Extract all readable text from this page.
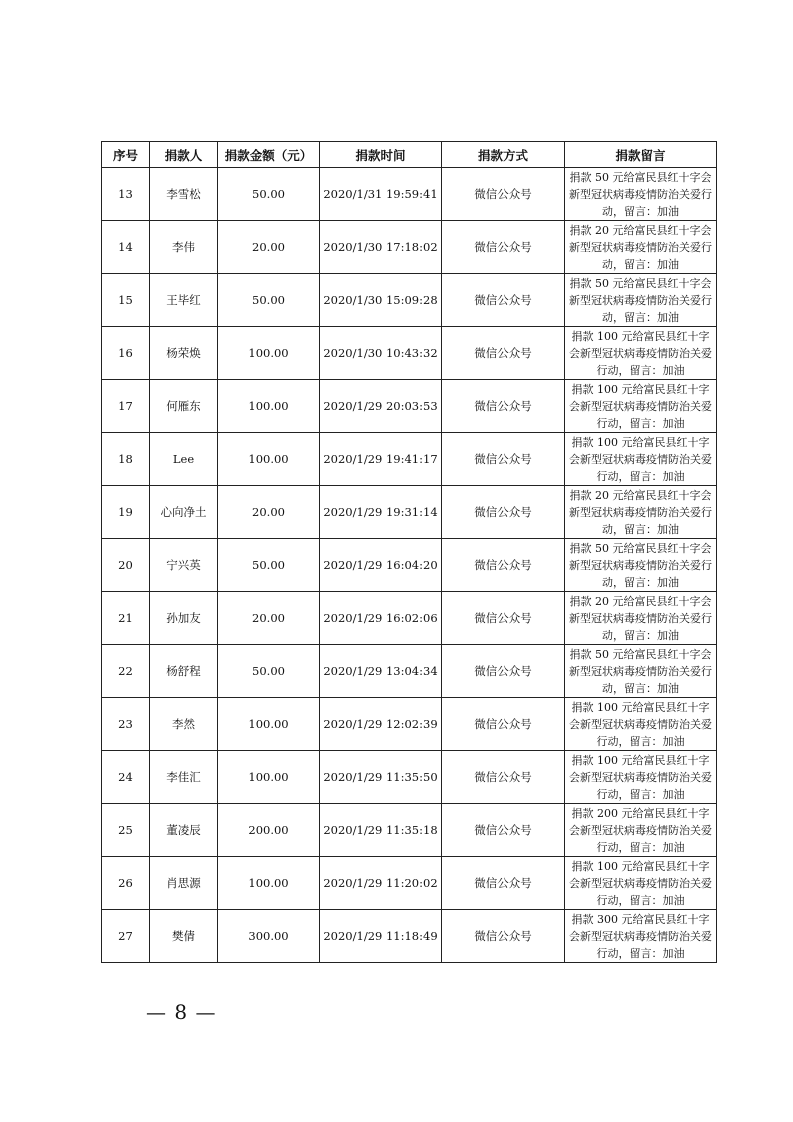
序号	捐款人	捐款金额（元）	捐款时间	捐款方式	捐款留言
13	李雪松	50.00	2020/1/31 19:59:41	微信公众号	捐款 50 元给富民县红十字会新型冠状病毒疫情防治关爱行动，留言：加油
14	李伟	20.00	2020/1/30 17:18:02	微信公众号	捐款 20 元给富民县红十字会新型冠状病毒疫情防治关爱行动，留言：加油
15	王毕红	50.00	2020/1/30 15:09:28	微信公众号	捐款 50 元给富民县红十字会新型冠状病毒疫情防治关爱行动，留言：加油
16	杨荣焕	100.00	2020/1/30 10:43:32	微信公众号	捐款 100 元给富民县红十字会新型冠状病毒疫情防治关爱行动，留言：加油
17	何雁东	100.00	2020/1/29 20:03:53	微信公众号	捐款 100 元给富民县红十字会新型冠状病毒疫情防治关爱行动，留言：加油
18	Lee	100.00	2020/1/29 19:41:17	微信公众号	捐款 100 元给富民县红十字会新型冠状病毒疫情防治关爱行动，留言：加油
19	心向净土	20.00	2020/1/29 19:31:14	微信公众号	捐款 20 元给富民县红十字会新型冠状病毒疫情防治关爱行动，留言：加油
20	宁兴英	50.00	2020/1/29 16:04:20	微信公众号	捐款 50 元给富民县红十字会新型冠状病毒疫情防治关爱行动，留言：加油
21	孙加友	20.00	2020/1/29 16:02:06	微信公众号	捐款 20 元给富民县红十字会新型冠状病毒疫情防治关爱行动，留言：加油
22	杨舒程	50.00	2020/1/29 13:04:34	微信公众号	捐款 50 元给富民县红十字会新型冠状病毒疫情防治关爱行动，留言：加油
23	李然	100.00	2020/1/29 12:02:39	微信公众号	捐款 100 元给富民县红十字会新型冠状病毒疫情防治关爱行动，留言：加油
24	李佳汇	100.00	2020/1/29 11:35:50	微信公众号	捐款 100 元给富民县红十字会新型冠状病毒疫情防治关爱行动，留言：加油
25	董凌辰	200.00	2020/1/29 11:35:18	微信公众号	捐款 200 元给富民县红十字会新型冠状病毒疫情防治关爱行动，留言：加油
26	肖思源	100.00	2020/1/29 11:20:02	微信公众号	捐款 100 元给富民县红十字会新型冠状病毒疫情防治关爱行动，留言：加油
27	樊倩	300.00	2020/1/29 11:18:49	微信公众号	捐款 300 元给富民县红十字会新型冠状病毒疫情防治关爱行动，留言：加油
— 8 —
